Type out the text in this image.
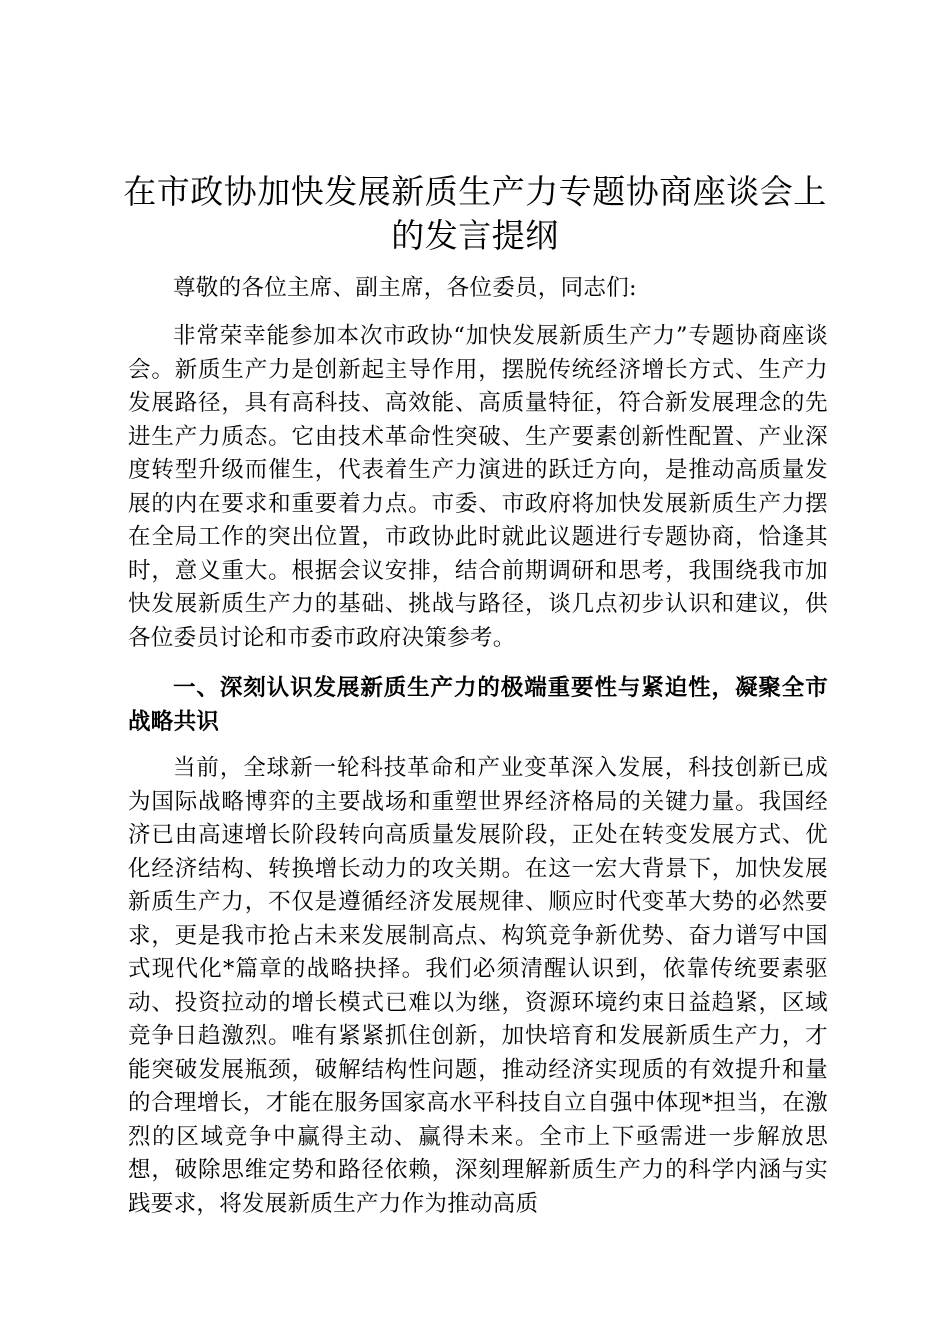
在市政协加快发展新质生产力专题协商座谈会上的发言提纲

尊敬的各位主席、副主席，各位委员，同志们:

非常荣幸能参加本次市政协“加快发展新质生产力”专题协商座谈会。新质生产力是创新起主导作用，摆脱传统经济增长方式、生产力发展路径，具有高科技、高效能、高质量特征，符合新发展理念的先进生产力质态。它由技术革命性突破、生产要素创新性配置、产业深度转型升级而催生，代表着生产力演进的跃迁方向，是推动高质量发展的内在要求和重要着力点。市委、市政府将加快发展新质生产力摆在全局工作的突出位置，市政协此时就此议题进行专题协商，恰逢其时，意义重大。根据会议安排，结合前期调研和思考，我围绕我市加快发展新质生产力的基础、挑战与路径，谈几点初步认识和建议，供各位委员讨论和市委市政府决策参考。

一、深刻认识发展新质生产力的极端重要性与紧迫性，凝聚全市战略共识

当前，全球新一轮科技革命和产业变革深入发展，科技创新已成为国际战略博弈的主要战场和重塑世界经济格局的关键力量。我国经济已由高速增长阶段转向高质量发展阶段，正处在转变发展方式、优化经济结构、转换增长动力的攻关期。在这一宏大背景下，加快发展新质生产力，不仅是遵循经济发展规律、顺应时代变革大势的必然要求，更是我市抢占未来发展制高点、构筑竞争新优势、奋力谱写中国式现代化*篇章的战略抉择。我们必须清醒认识到，依靠传统要素驱动、投资拉动的增长模式已难以为继，资源环境约束日益趋紧，区域竞争日趋激烈。唯有紧紧抓住创新，加快培育和发展新质生产力，才能突破发展瓶颈，破解结构性问题，推动经济实现质的有效提升和量的合理增长，才能在服务国家高水平科技自立自强中体现*担当，在激烈的区域竞争中赢得主动、赢得未来。全市上下亟需进一步解放思想，破除思维定势和路径依赖，深刻理解新质生产力的科学内涵与实践要求，将发展新质生产力作为推动高质
